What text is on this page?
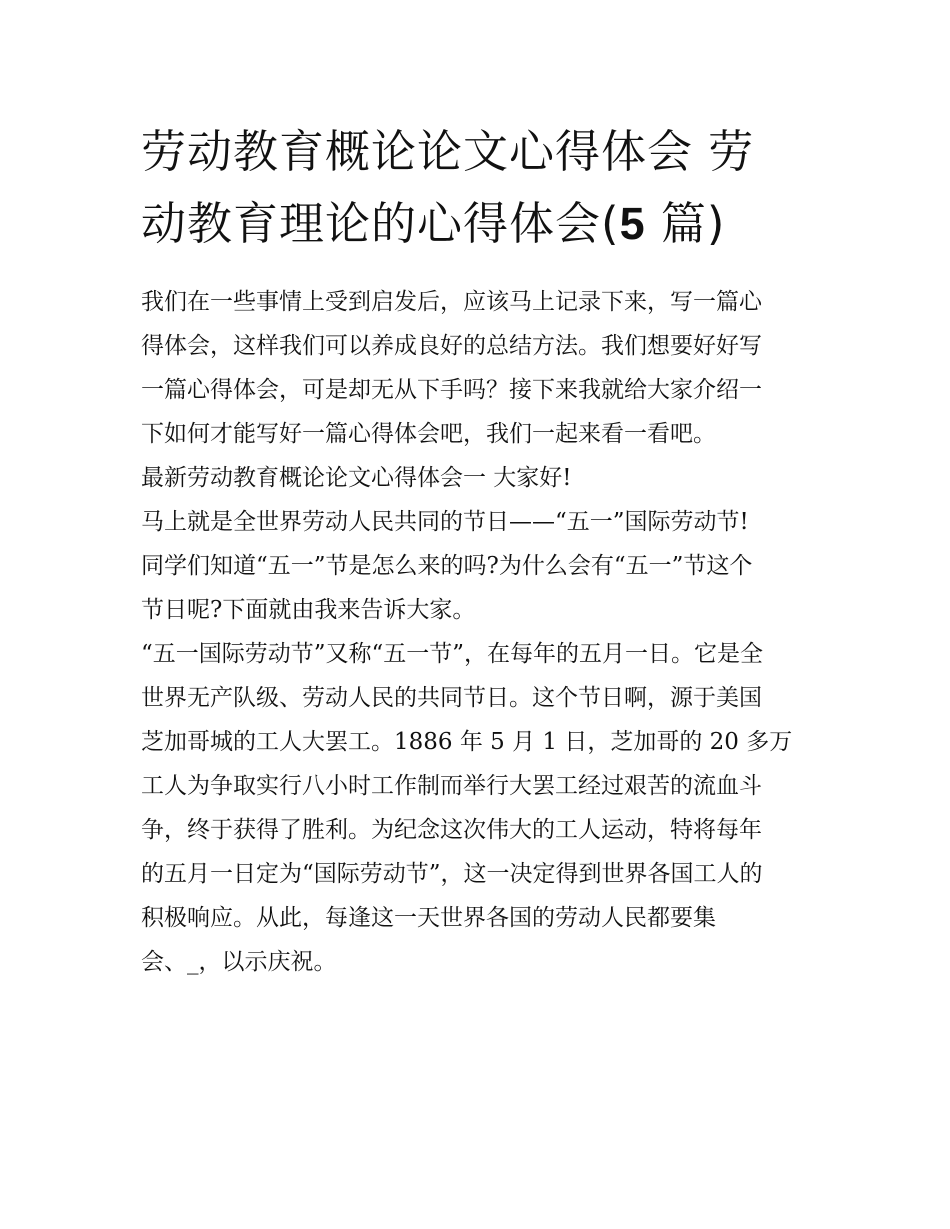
劳动教育概论论文心得体会 劳
动教育理论的心得体会(5 篇)

我们在一些事情上受到启发后，应该马上记录下来，写一篇心
得体会，这样我们可以养成良好的总结方法。我们想要好好写
一篇心得体会，可是却无从下手吗？接下来我就给大家介绍一
下如何才能写好一篇心得体会吧，我们一起来看一看吧。

最新劳动教育概论论文心得体会一 大家好!

马上就是全世界劳动人民共同的节日——“五一”国际劳动节!
同学们知道“五一”节是怎么来的吗?为什么会有“五一”节这个
节日呢?下面就由我来告诉大家。

“五一国际劳动节”又称“五一节”，在每年的五月一日。它是全
世界无产队级、劳动人民的共同节日。这个节日啊，源于美国
芝加哥城的工人大罢工。1886 年 5 月 1 日，芝加哥的 20 多万
工人为争取实行八小时工作制而举行大罢工经过艰苦的流血斗
争，终于获得了胜利。为纪念这次伟大的工人运动，特将每年
的五月一日定为“国际劳动节”，这一决定得到世界各国工人的
积极响应。从此，每逢这一天世界各国的劳动人民都要集
会、_，以示庆祝。
